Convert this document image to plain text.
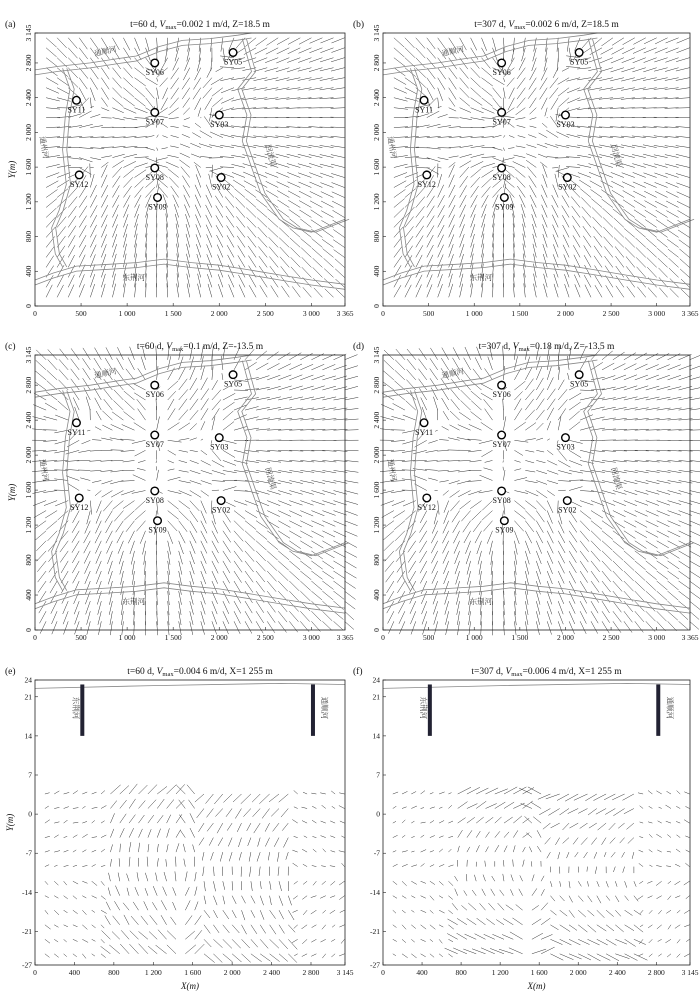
通顺河
东荆河
通州河	回流渠
SY05
SY06
SY11
SY07	SY03
SY08
SY12	SY02
SY09
0	500	1 000	1 500	2 000	2 500	3 000 3 365
0
400
800
1 200
1 600
2 000
2 400
2 800
3 145
(a)	t=60 d, $V_{max}=0.002$ 1 m/d, Z=18.5 m
Y(m)
通顺河
东荆河
通州河	回流渠
SY05
SY06
SY11
SY07	SY03
SY08
SY12	SY02
SY09
0	500	1 000	1 500	2 000	2 500	3 000 3 365
0
400
800
1 200
1 600
2 000
2 400
2 800
3 145
(b)	t=307 d, $V_{max}=0.002$ 6 m/d, Z=18.5 m
通顺河
东荆河
通州河	回流渠
SY05
SY06
SY11
SY07	SY03
SY08
SY12	SY02
SY09
0	500	1 000	1 500	2 000	2 500	3 000 3 365
0
400
800
1 200
1 600
2 000
2 400
2 800
3 145
(c)	t=60 d, $V_{max}=0.1$ m/d, Z=-13.5 m
Y(m)
通顺河
东荆河
通州河	回流渠
SY05
SY06
SY11
SY07	SY03
SY08
SY12	SY02
SY09
0	500	1 000	1 500	2 000	2 500	3 000 3 365
0
400
800
1 200
1 600
2 000
2 400
2 800
3 145
(d)	t=307 d, $V_{max}=0.18$ m/d, Z=-13.5 m
东荆河	通顺河
0	400	800	1 200	1 600	2 000	2 400	2 800 3 145
24
21
14
7
0
-7
-14
-21
-27
(e)	t=60 d, $V_{max}=0.004$ 6 m/d, X=1 255 m
Y(m)
X(m)
东荆河	通顺河
0	400	800	1 200	1 600	2 000	2 400	2 800 3 145
24
21
14
7
0
-7
-14
-21
-27
(f)	t=307 d, $V_{max}=0.006$ 4 m/d, X=1 255 m
X(m)
